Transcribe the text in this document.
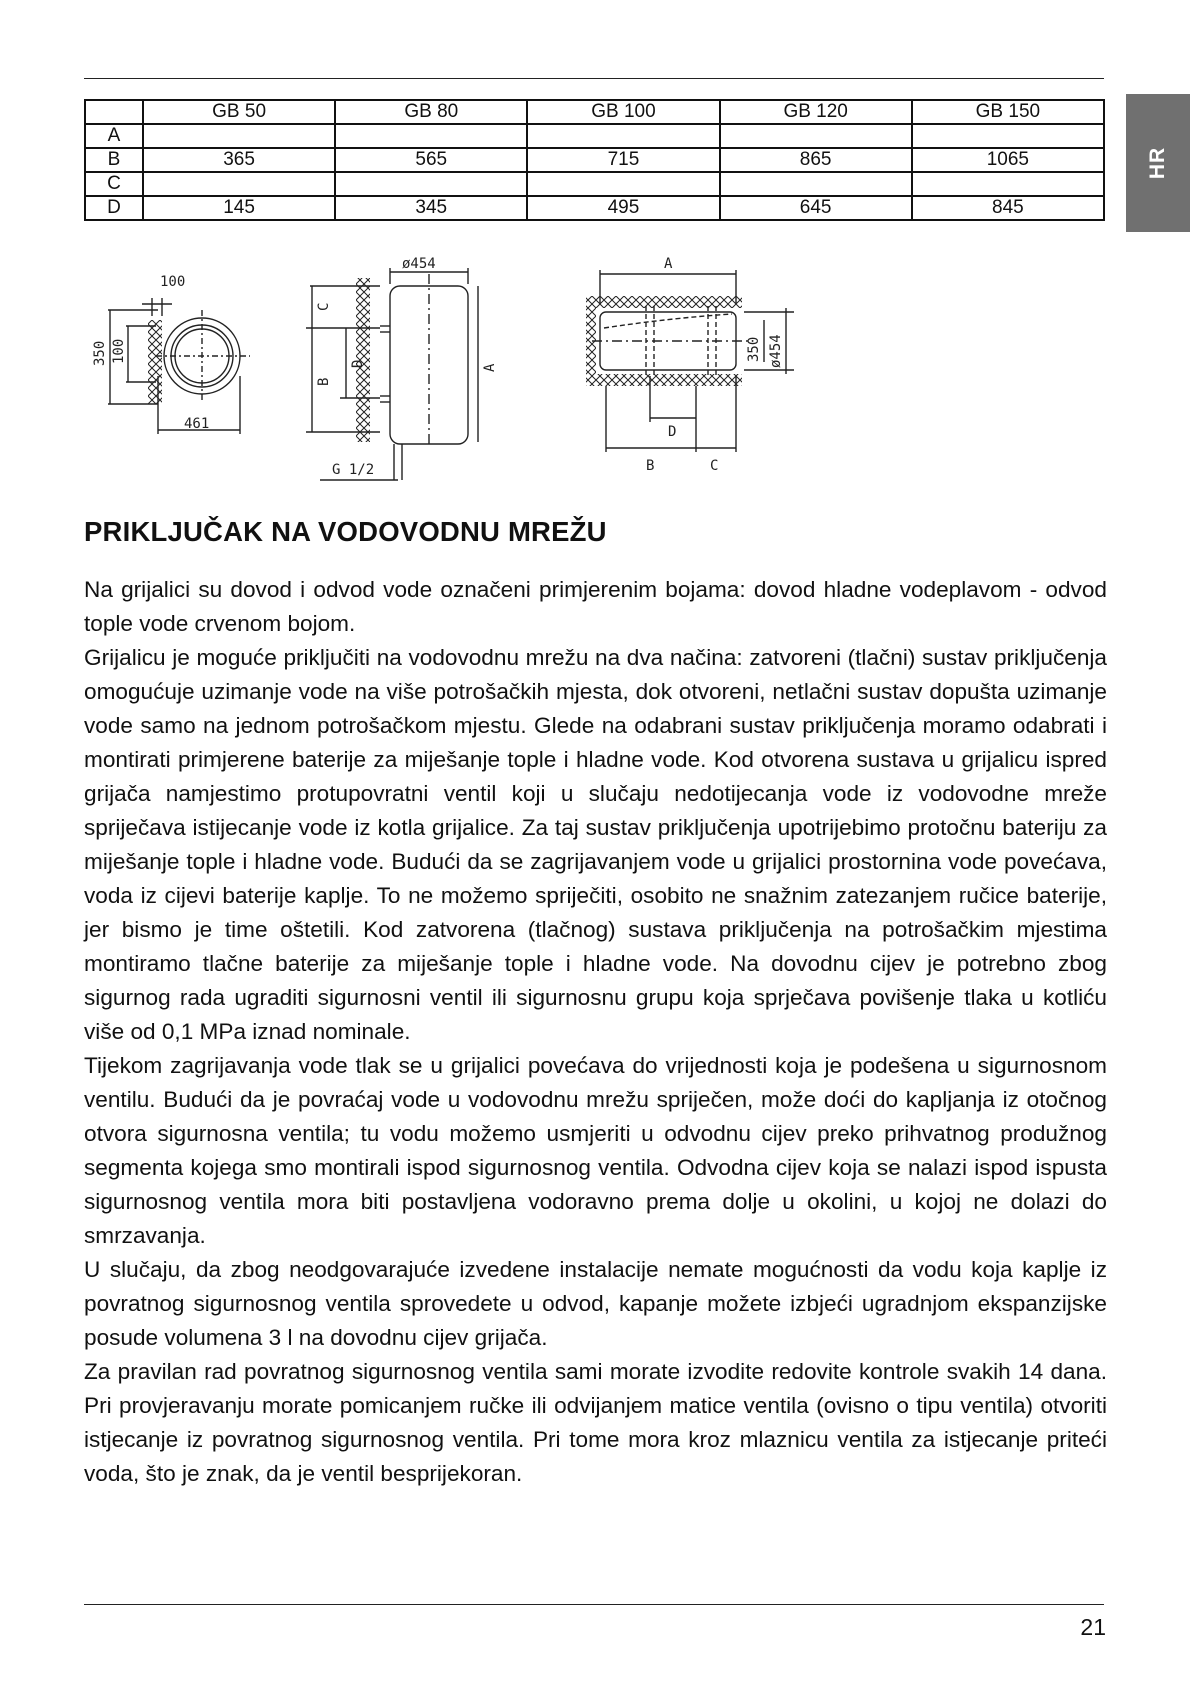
HR
	GB 50	GB 80	GB 100	GB 120	GB 150
A					
B	365	565	715	865	1065
C					
D	145	345	495	645	845
100
350 100
461
ø454
C
B
D	A
G 1/2
A
350 ø454
D
B	C
PRIKLJUČAK NA VODOVODNU MREŽU

Na grijalici su dovod i odvod vode označeni primjerenim bojama: dovod hladne vodeplavom - odvod tople vode crvenom bojom.

Grijalicu je moguće priključiti na vodovodnu mrežu na dva načina: zatvoreni (tlačni) sustav priključenja omogućuje uzimanje vode na više potrošačkih mjesta, dok otvoreni, netlačni sustav dopušta uzimanje vode samo na jednom potrošačkom mjestu. Glede na odabrani sustav priključenja moramo odabrati i montirati primjerene baterije za miješanje tople i hladne vode. Kod otvorena sustava u grijalicu ispred grijača namjestimo protupovratni ventil koji u slučaju nedotijecanja vode iz vodovodne mreže spriječava istijecanje vode iz kotla grijalice. Za taj sustav priključenja upotrijebimo protočnu bateriju za miješanje tople i hladne vode. Budući da se zagrijavanjem vode u grijalici prostornina vode povećava, voda iz cijevi baterije kaplje. To ne možemo spriječiti, osobito ne snažnim zatezanjem ručice baterije, jer bismo je time oštetili. Kod zatvorena (tlačnog) sustava priključenja na potrošačkim mjestima montiramo tlačne baterije za miješanje tople i hladne vode. Na dovodnu cijev je potrebno zbog sigurnog rada ugraditi sigurnosni ventil ili sigurnosnu grupu koja sprječava povišenje tlaka u kotliću više od 0,1 MPa iznad nominale.

Tijekom zagrijavanja vode tlak se u grijalici povećava do vrijednosti koja je podešena u sigurnosnom ventilu. Budući da je povraćaj vode u vodovodnu mrežu spriječen, može doći do kapljanja iz otočnog otvora sigurnosna ventila; tu vodu možemo usmjeriti u odvodnu cijev preko prihvatnog produžnog segmenta kojega smo montirali ispod sigurnosnog ventila. Odvodna cijev koja se nalazi ispod ispusta sigurnosnog ventila mora biti postavljena vodoravno prema dolje u okolini, u kojoj ne dolazi do smrzavanja.

U slučaju, da zbog neodgovarajuće izvedene instalacije nemate mogućnosti da vodu koja kaplje iz povratnog sigurnosnog ventila sprovedete u odvod, kapanje možete izbjeći ugradnjom ekspanzijske posude volumena 3 l na dovodnu cijev grijača.

Za pravilan rad povratnog sigurnosnog ventila sami morate izvodite redovite kontrole svakih 14 dana. Pri provjeravanju morate pomicanjem ručke ili odvijanjem matice ventila (ovisno o tipu ventila) otvoriti istjecanje iz povratnog sigurnosnog ventila. Pri tome mora kroz mlaznicu ventila za istjecanje priteći voda, što je znak, da je ventil besprijekoran.

21
